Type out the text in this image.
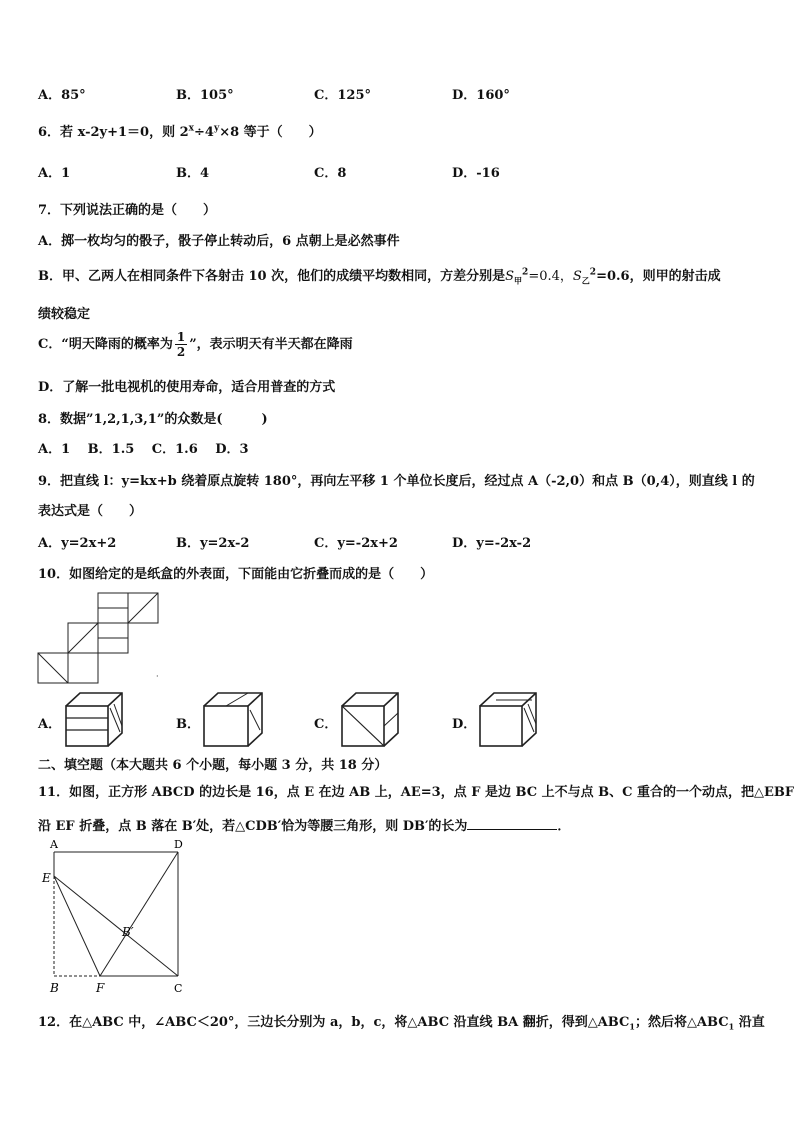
A．85°	B．105°	C．125°	D．160°
6．若 x-2y+1＝0，则 $2^x\div 4^y\times 8$ 等于（　　）
A．1	B．4	C．8	D．-16
7．下列说法正确的是（　　）
A．掷一枚均匀的骰子，骰子停止转动后，6 点朝上是必然事件
B．甲、乙两人在相同条件下各射击 10 次，他们的成绩平均数相同，方差分别是$S_甲^2=0.4$，$S_乙^2=0.6$，则甲的射击成
绩较稳定
C．“明天降雨的概率为 $\frac{1}{2}$ ”，表示明天有半天都在降雨
D．了解一批电视机的使用寿命，适合用普查的方式
8．数据”1,2,1,3,1”的众数是(　　　)
A．1　 B．1.5　 C．1.6　 D．3
9．把直线 l：y=kx+b 绕着原点旋转 180°，再向左平移 1 个单位长度后，经过点 A（-2,0）和点 B（0,4），则直线 l 的
表达式是（　　）
A．y=2x+2	B．y=2x-2	C．y=-2x+2	D．y=-2x-2
10．如图给定的是纸盒的外表面，下面能由它折叠而成的是（　　）
·
A．	B．	C．	D．
二、填空题（本大题共 6 个小题，每小题 3 分，共 18 分）
11．如图，正方形 ABCD 的边长是 16，点 E 在边 AB 上，AE=3，点 F 是边 BC 上不与点 B、C 重合的一个动点，把△EBF
沿 EF 折叠，点 B 落在 B′处，若△CDB′恰为等腰三角形，则 DB′的长为	．
A	D
E
B′
B	F	C
12．在△ABC 中，∠ABC＜20°，三边长分别为 a，b，c，将△ABC 沿直线 BA 翻折，得到$\triangle ABC_1$；然后将$\triangle ABC_1$ 沿直
